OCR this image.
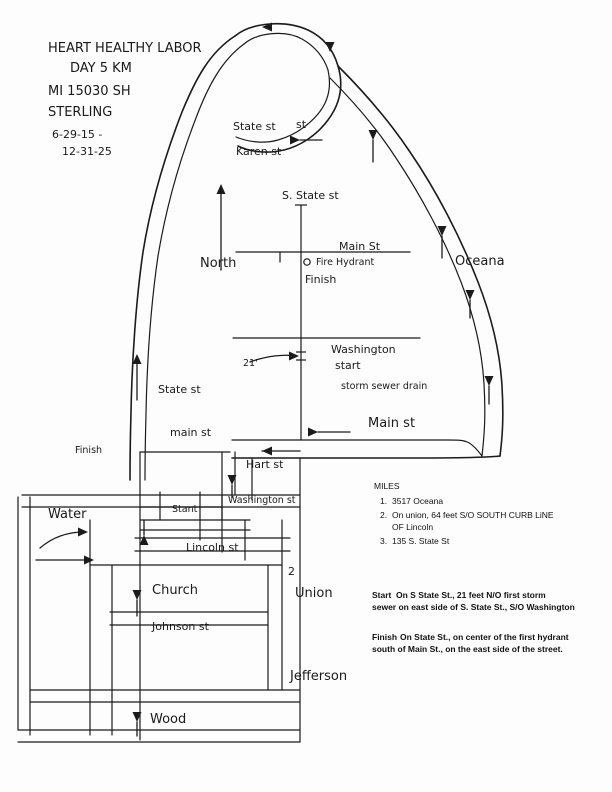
HEART HEALTHY LABOR
DAY 5 KM
MI 15030 SH
STERLING
6-29-15 -
12-31-25
State st st
Karen st
S. State st
North
Main St
Fire Hydrant
Finish
Oceana
Washington
start
storm sewer drain
21'
State st
Main st
main st
Finish
Hart st
Washington st
Water	Stant
Lincoln st
Church	Union
2
Johnson st
Jefferson
Wood
MILES
1. 3517 Oceana
2. On union, 64 feet S/O SOUTH CURB LiNE
OF Lincoln
3. 135 S. State St
Start On S State St., 21 feet N/O first storm
sewer on east side of S. State St., S/O Washington
Finish On State St., on center of the first hydrant
south of Main St., on the east side of the street.
